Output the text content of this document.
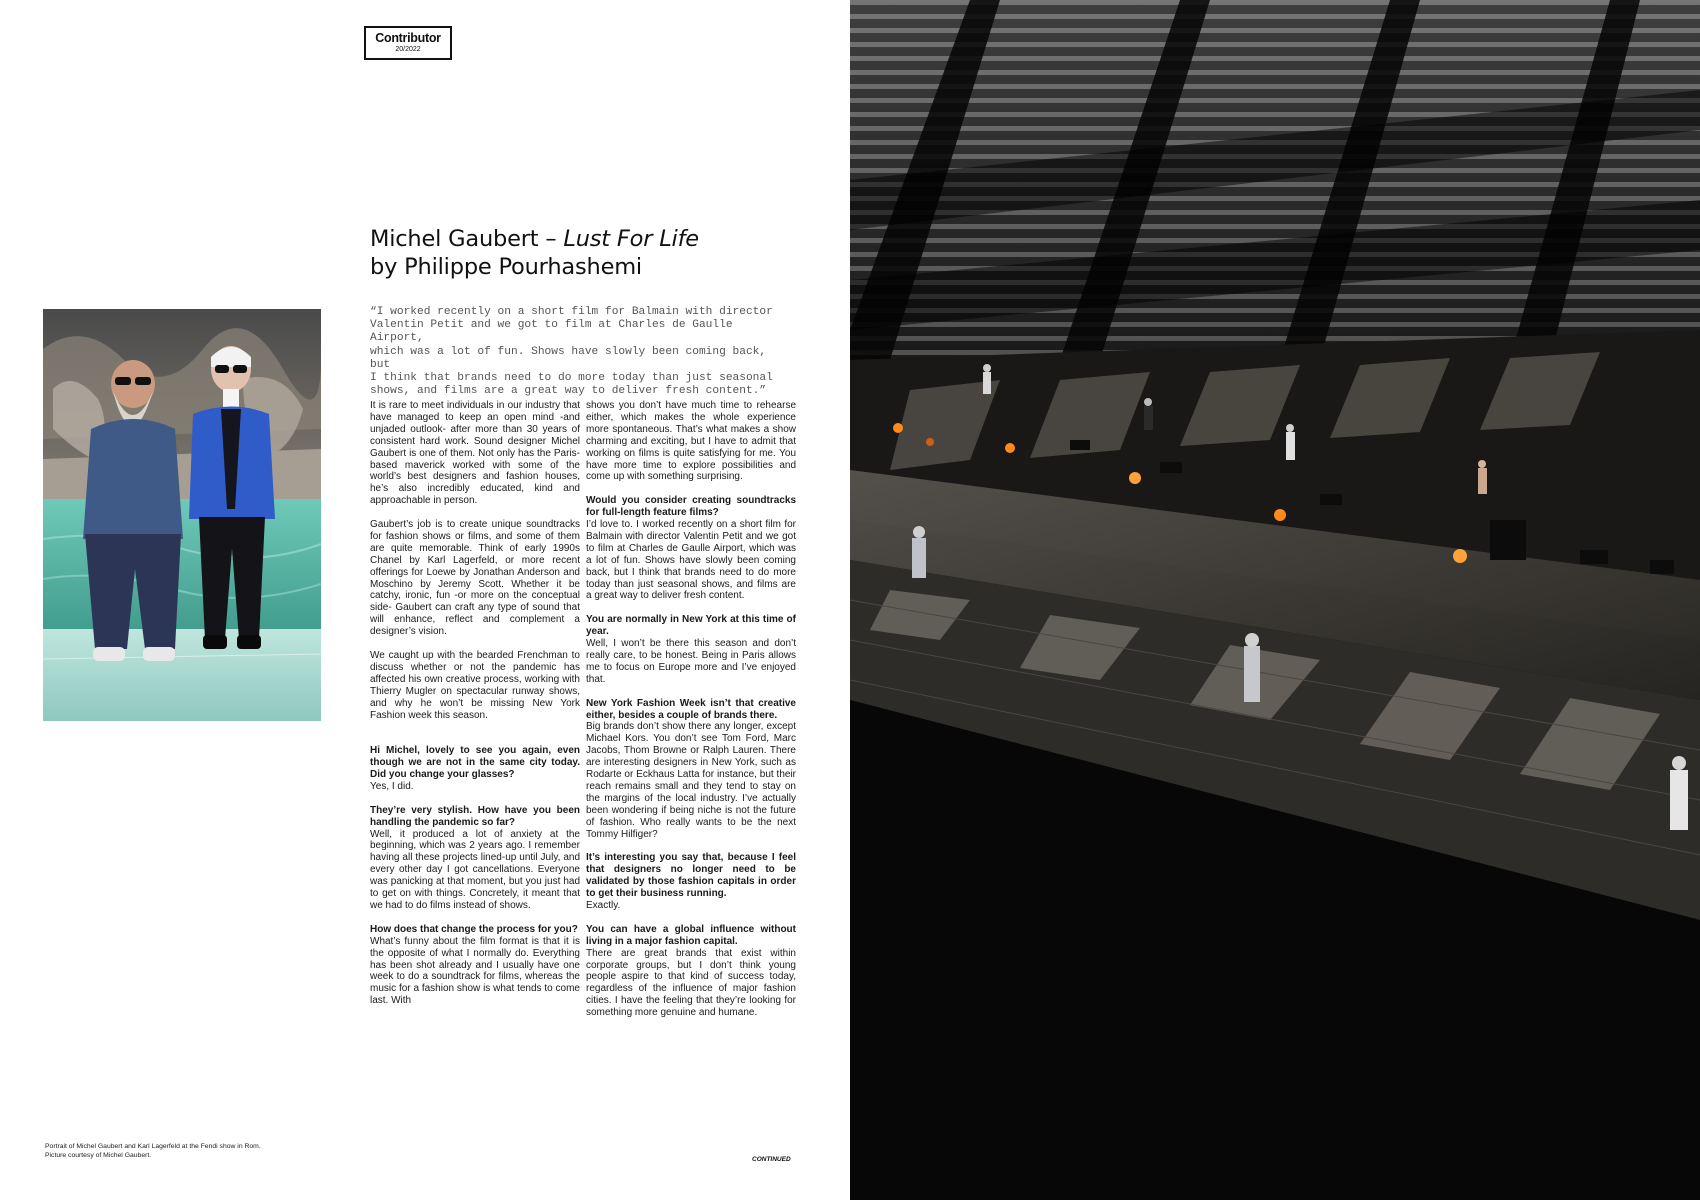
Contributor
20/2022
Michel Gaubert – Lust For Life
by Philippe Pourhashemi
“I worked recently on a short film for Balmain with director
Valentin Petit and we got to film at Charles de Gaulle Airport,
which was a lot of fun. Shows have slowly been coming back, but
I think that brands need to do more today than just seasonal
shows, and films are a great way to deliver fresh content.”
Portrait of Michel Gaubert and Karl Lagerfeld at the Fendi show in Rom.
Picture courtesy of Michel Gaubert.

It is rare to meet individuals in our industry that have managed to keep an open mind -and unjaded outlook- after more than 30 years of consistent hard work. Sound designer Michel Gaubert is one of them. Not only has the Paris-based maverick worked with some of the world’s best designers and fashion houses, he’s also incredibly educated, kind and approachable in person.

Gaubert’s job is to create unique soundtracks for fashion shows or films, and some of them are quite memorable. Think of early 1990s Chanel by Karl Lagerfeld, or more recent offerings for Loewe by Jonathan Anderson and Moschino by Jeremy Scott. Whether it be catchy, ironic, fun -or more on the conceptual side- Gaubert can craft any type of sound that will enhance, reflect and complement a designer’s vision.

We caught up with the bearded Frenchman to discuss whether or not the pandemic has affected his own creative process, working with Thierry Mugler on spectacular runway shows, and why he won’t be missing New York Fashion week this season.

Hi Michel, lovely to see you again, even though we are not in the same city today. Did you change your glasses?

Yes, I did.

They’re very stylish. How have you been handling the pandemic so far?

Well, it produced a lot of anxiety at the beginning, which was 2 years ago. I remember having all these projects lined-up until July, and every other day I got cancellations. Everyone was panicking at that moment, but you just had to get on with things. Concretely, it meant that we had to do films instead of shows.

How does that change the process for you?

What’s funny about the film format is that it is the opposite of what I normally do. Everything has been shot already and I usually have one week to do a soundtrack for films, whereas the music for a fashion show is what tends to come last. With

shows you don’t have much time to rehearse either, which makes the whole experience more spontaneous. That’s what makes a show charming and exciting, but I have to admit that working on films is quite satisfying for me. You have more time to explore possibilities and come up with something surprising.

Would you consider creating soundtracks for full-length feature films?

I’d love to. I worked recently on a short film for Balmain with director Valentin Petit and we got to film at Charles de Gaulle Airport, which was a lot of fun. Shows have slowly been coming back, but I think that brands need to do more today than just seasonal shows, and films are a great way to deliver fresh content.

You are normally in New York at this time of year.

Well, I won’t be there this season and don’t really care, to be honest. Being in Paris allows me to focus on Europe more and I’ve enjoyed that.

New York Fashion Week isn’t that creative either, besides a couple of brands there.

Big brands don’t show there any longer, except Michael Kors. You don’t see Tom Ford, Marc Jacobs, Thom Browne or Ralph Lauren. There are interesting designers in New York, such as Rodarte or Eckhaus Latta for instance, but their reach remains small and they tend to stay on the margins of the local industry. I’ve actually been wondering if being niche is not the future of fashion. Who really wants to be the next Tommy Hilfiger?

It’s interesting you say that, because I feel that designers no longer need to be validated by those fashion capitals in order to get their business running.

Exactly.

You can have a global influence without living in a major fashion capital.

There are great brands that exist within corporate groups, but I don’t think young people aspire to that kind of success today, regardless of the influence of major fashion cities. I have the feeling that they’re looking for something more genuine and humane.

CONTINUED
